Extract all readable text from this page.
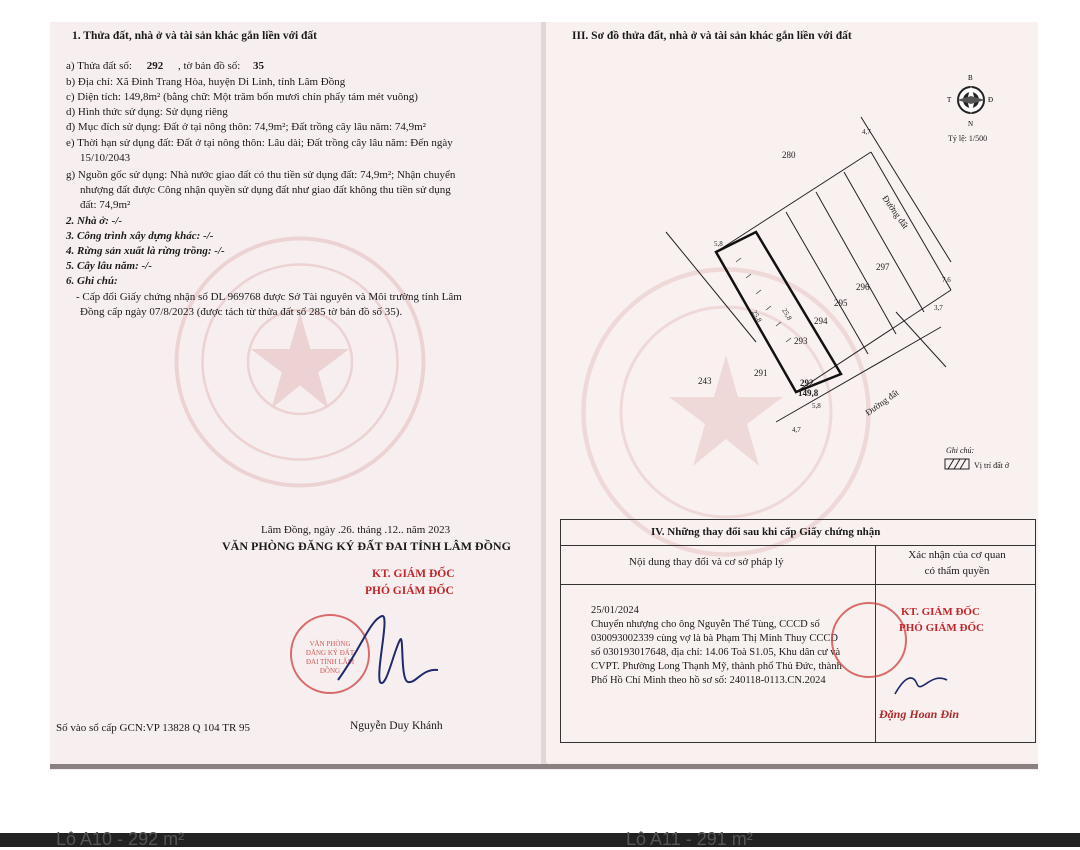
1. Thửa đất, nhà ở và tài sản khác gắn liền với đất
a) Thửa đất số: 292 , tờ bản đồ số: 35
b) Địa chỉ: Xã Đinh Trang Hòa, huyện Di Linh, tỉnh Lâm Đồng
c) Diện tích: 149,8m² (bằng chữ: Một trăm bốn mươi chín phẩy tám mét vuông)
d) Hình thức sử dụng: Sử dụng riêng
đ) Mục đích sử dụng: Đất ở tại nông thôn: 74,9m²; Đất trồng cây lâu năm: 74,9m²
e) Thời hạn sử dụng đất: Đất ở tại nông thôn: Lâu dài; Đất trồng cây lâu năm: Đến ngày
15/10/2043
g) Nguồn gốc sử dụng: Nhà nước giao đất có thu tiền sử dụng đất: 74,9m²; Nhận chuyển
nhượng đất được Công nhận quyền sử dụng đất như giao đất không thu tiền sử dụng
đất: 74,9m²
2. Nhà ở: -/-
3. Công trình xây dựng khác: -/-
4. Rừng sản xuất là rừng trồng: -/-
5. Cây lâu năm: -/-
6. Ghi chú:
- Cấp đổi Giấy chứng nhận số DL 969768 được Sở Tài nguyên và Môi trường tỉnh Lâm
Đồng cấp ngày 07/8/2023 (được tách từ thửa đất số 285 tờ bản đồ số 35).
Lâm Đồng, ngày .26. tháng .12.. năm 2023
VĂN PHÒNG ĐĂNG KÝ ĐẤT ĐAI TỈNH LÂM ĐỒNG
KT. GIÁM ĐỐC
PHÓ GIÁM ĐỐC
VĂN PHÒNG ĐĂNG KÝ ĐẤT ĐAI TỈNH LÂM ĐỒNG
Nguyễn Duy Khánh
Số vào sổ cấp GCN:VP 13828 Q 104 TR 95
III. Sơ đồ thửa đất, nhà ở và tài sản khác gắn liền với đất
B
N
T	Đ
Tỷ lệ: 1/500
280
297
296
295
294
293
291
243	292
149,8
Đường đất
Đường đất
5,8
25,8 25,8
5,8
4,7
4,7
3,7
7,6
Ghi chú:
Vị trí đất ở
IV. Những thay đổi sau khi cấp Giấy chứng nhận
Nội dung thay đổi và cơ sở pháp lý
Xác nhận của cơ quan
có thẩm quyền
25/01/2024
Chuyển nhượng cho ông Nguyễn Thế Tùng, CCCD số
030093002339 cùng vợ là bà Phạm Thị Minh Thuy CCCD
số 030193017648, địa chỉ: 14.06 Toà S1.05, Khu dân cư và
CVPT. Phường Long Thạnh Mỹ, thành phố Thủ Đức, thành
Phố Hồ Chí Minh theo hồ sơ số: 240118-0113.CN.2024
KT. GIÁM ĐỐC
PHÓ GIÁM ĐỐC
Đặng Hoan Đin
Lô A10 - 292 m²	Lô A11 - 291 m²
